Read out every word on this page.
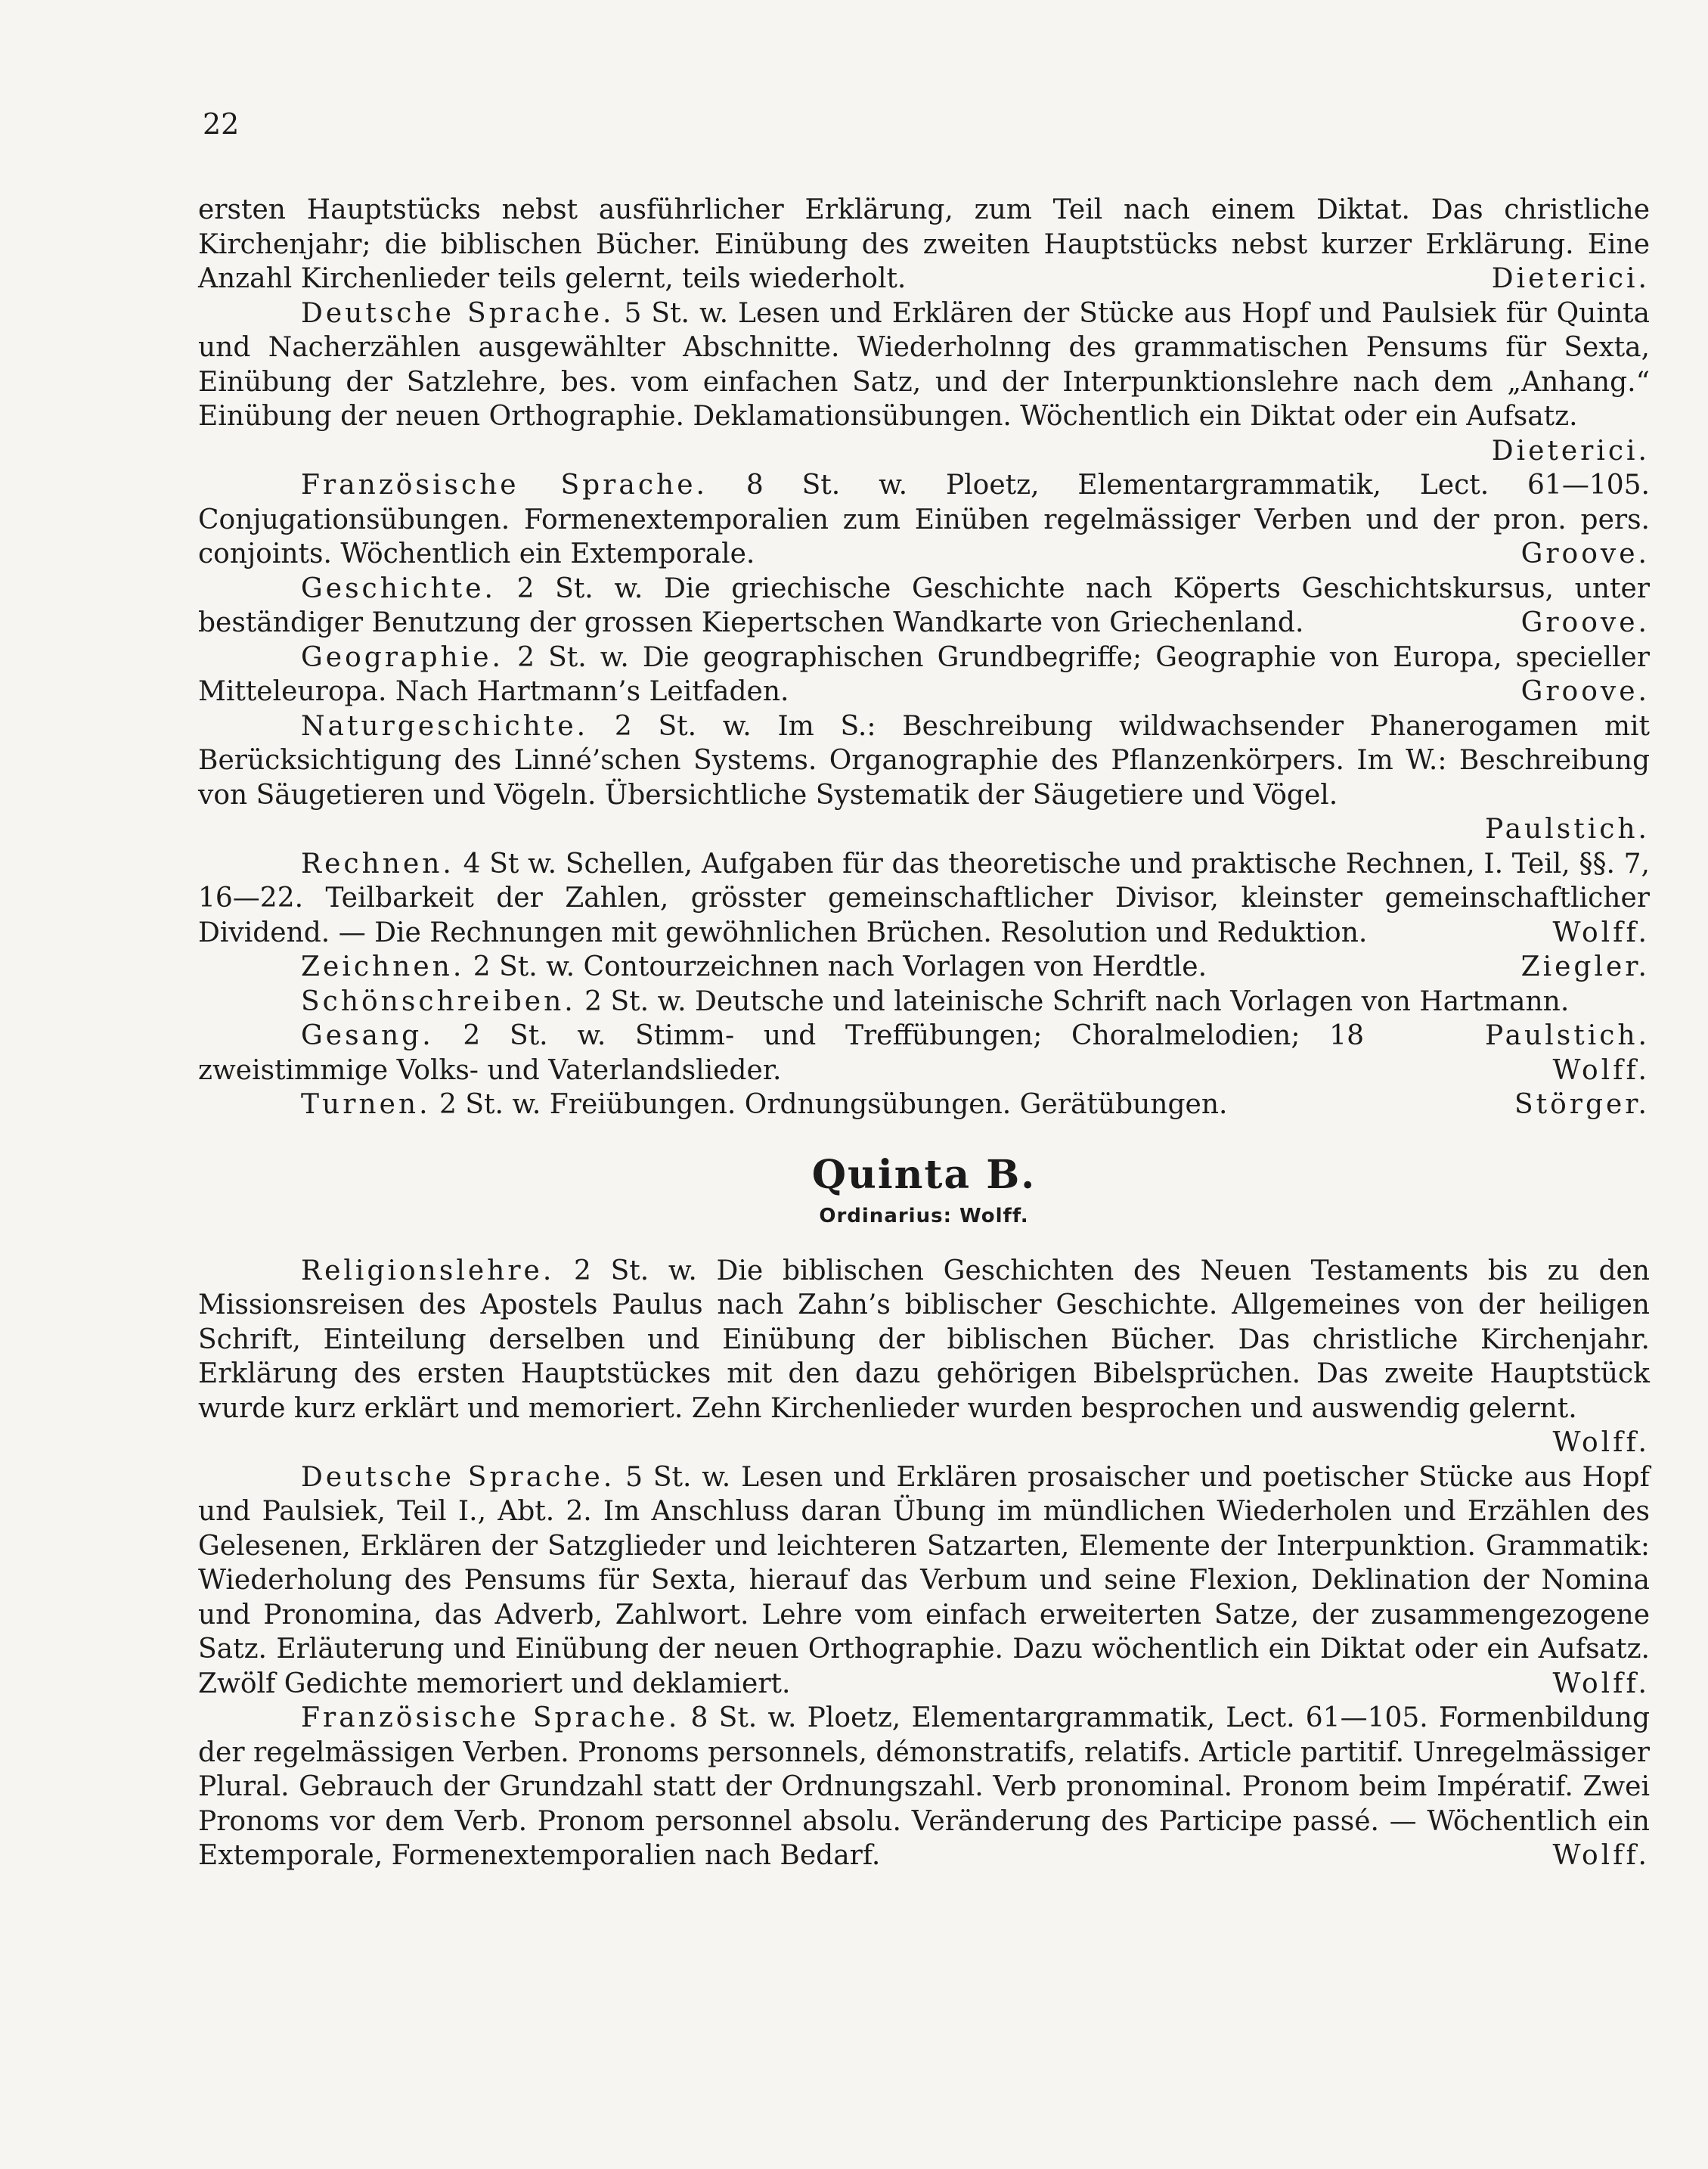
22

ersten Hauptstücks nebst ausführlicher Erklärung, zum Teil nach einem Diktat. Das christliche Kirchenjahr; die biblischen Bücher. Einübung des zweiten Hauptstücks nebst kurzer Erklärung. Eine Anzahl Kirchenlieder teils gelernt, teils wiederholt.	Dieterici.

Deutsche Sprache. 5 St. w. Lesen und Erklären der Stücke aus Hopf und Paulsiek für Quinta und Nacherzählen ausgewählter Abschnitte. Wiederholnng des grammatischen Pensums für Sexta, Einübung der Satzlehre, bes. vom einfachen Satz, und der Interpunktionslehre nach dem „Anhang.“ Einübung der neuen Orthographie. Deklamationsübungen. Wöchentlich ein Diktat oder ein Aufsatz.

Dieterici.

Französische Sprache. 8 St. w. Ploetz, Elementargrammatik, Lect. 61—105. Conjugationsübungen. Formenextemporalien zum Einüben regelmässiger Verben und der pron. pers. conjoints. Wöchentlich ein Extemporale.	Groove.

Geschichte. 2 St. w. Die griechische Geschichte nach Köperts Geschichtskursus, unter beständiger Benutzung der grossen Kiepertschen Wandkarte von Griechenland.	Groove.

Geographie. 2 St. w. Die geographischen Grundbegriffe; Geographie von Europa, specieller Mitteleuropa. Nach Hartmann’s Leitfaden.	Groove.

Naturgeschichte. 2 St. w. Im S.: Beschreibung wildwachsender Phanerogamen mit Berücksichtigung des Linné’schen Systems. Organographie des Pflanzenkörpers. Im W.: Beschreibung von Säugetieren und Vögeln. Übersichtliche Systematik der Säugetiere und Vögel.

Paulstich.

Rechnen. 4 St w. Schellen, Aufgaben für das theoretische und praktische Rechnen, I. Teil, §§. 7, 16—22. Teilbarkeit der Zahlen, grösster gemeinschaftlicher Divisor, kleinster gemeinschaftlicher Dividend. — Die Rechnungen mit gewöhnlichen Brüchen. Resolution und Reduktion.	Wolff.

Zeichnen. 2 St. w. Contourzeichnen nach Vorlagen von Herdtle.	Ziegler.

Schönschreiben. 2 St. w. Deutsche und lateinische Schrift nach Vorlagen von Hartmann.
Paulstich.

Gesang. 2 St. w. Stimm- und Treffübungen; Choralmelodien; 18 zweistimmige Volks- und Vaterlandslieder.	Wolff.

Turnen. 2 St. w. Freiübungen. Ordnungsübungen. Gerätübungen.	Störger.

Quinta B.
Ordinarius: Wolff.

Religionslehre. 2 St. w. Die biblischen Geschichten des Neuen Testaments bis zu den Missionsreisen des Apostels Paulus nach Zahn’s biblischer Geschichte. Allgemeines von der heiligen Schrift, Einteilung derselben und Einübung der biblischen Bücher. Das christliche Kirchenjahr. Erklärung des ersten Hauptstückes mit den dazu gehörigen Bibelsprüchen. Das zweite Hauptstück wurde kurz erklärt und memoriert. Zehn Kirchenlieder wurden besprochen und auswendig gelernt.

Wolff.

Deutsche Sprache. 5 St. w. Lesen und Erklären prosaischer und poetischer Stücke aus Hopf und Paulsiek, Teil I., Abt. 2. Im Anschluss daran Übung im mündlichen Wiederholen und Erzählen des Gelesenen, Erklären der Satzglieder und leichteren Satzarten, Elemente der Interpunktion. Grammatik: Wiederholung des Pensums für Sexta, hierauf das Verbum und seine Flexion, Deklination der Nomina und Pronomina, das Adverb, Zahlwort. Lehre vom einfach erweiterten Satze, der zusammengezogene Satz. Erläuterung und Einübung der neuen Orthographie. Dazu wöchentlich ein Diktat oder ein Aufsatz. Zwölf Gedichte memoriert und deklamiert.	Wolff.

Französische Sprache. 8 St. w. Ploetz, Elementargrammatik, Lect. 61—105. Formenbildung der regelmässigen Verben. Pronoms personnels, démonstratifs, relatifs. Article partitif. Unregelmässiger Plural. Gebrauch der Grundzahl statt der Ordnungszahl. Verb pronominal. Pronom beim Impératif. Zwei Pronoms vor dem Verb. Pronom personnel absolu. Veränderung des Participe passé. — Wöchentlich ein Extemporale, Formenextemporalien nach Bedarf.	Wolff.
